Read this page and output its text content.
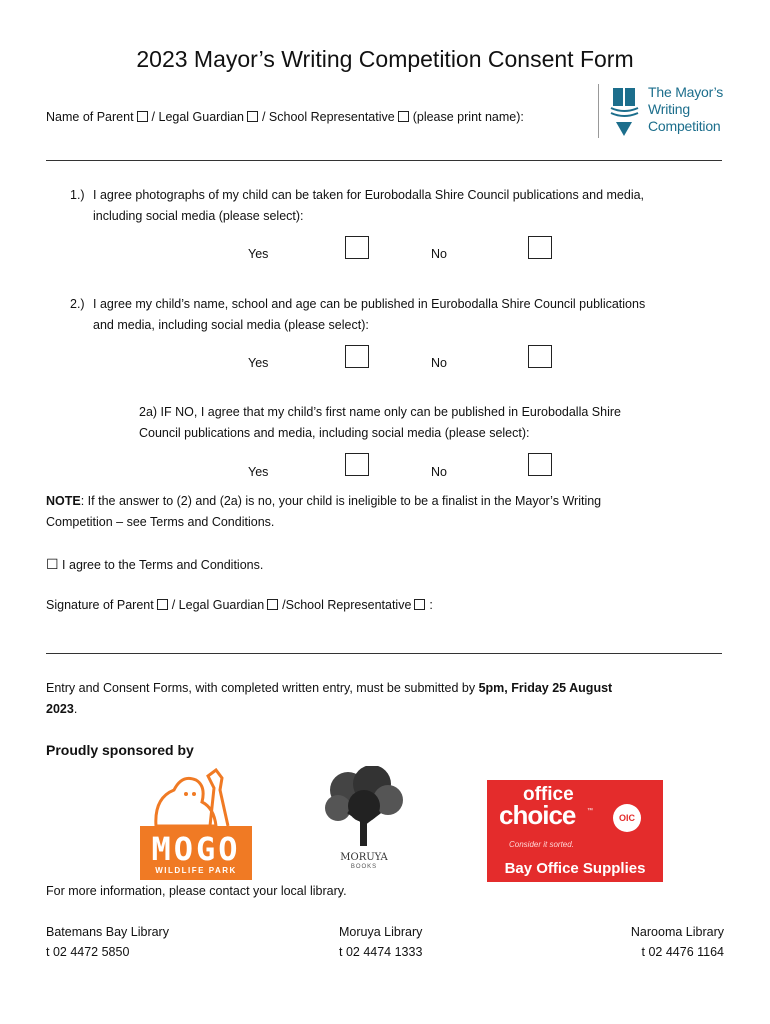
2023 Mayor’s Writing Competition Consent Form
The Mayor’s
Writing
Competition
Name of Parent / Legal Guardian / School Representative (please print name):
1.) I agree photographs of my child can be taken for Eurobodalla Shire Council publications and media,
including social media (please select):
Yes	No
2.) I agree my child’s name, school and age can be published in Eurobodalla Shire Council publications
and media, including social media (please select):
Yes	No
2a) IF NO, I agree that my child’s first name only can be published in Eurobodalla Shire
Council publications and media, including social media (please select):
Yes	No
NOTE: If the answer to (2) and (2a) is no, your child is ineligible to be a finalist in the Mayor’s Writing
Competition – see Terms and Conditions.
☐ I agree to the Terms and Conditions.
Signature of Parent / Legal Guardian /School Representative :
Entry and Consent Forms, with completed written entry, must be submitted by 5pm, Friday 25 August
2023.
Proudly sponsored by
MOGO
WILDLIFE PARK
MORUYA
BOOKS
office
choice ™
Consider it sorted.
OIC
Bay Office Supplies
For more information, please contact your local library.
Batemans Bay Library
t 02 4472 5850
Moruya Library
t 02 4474 1333
Narooma Library
t 02 4476 1164
